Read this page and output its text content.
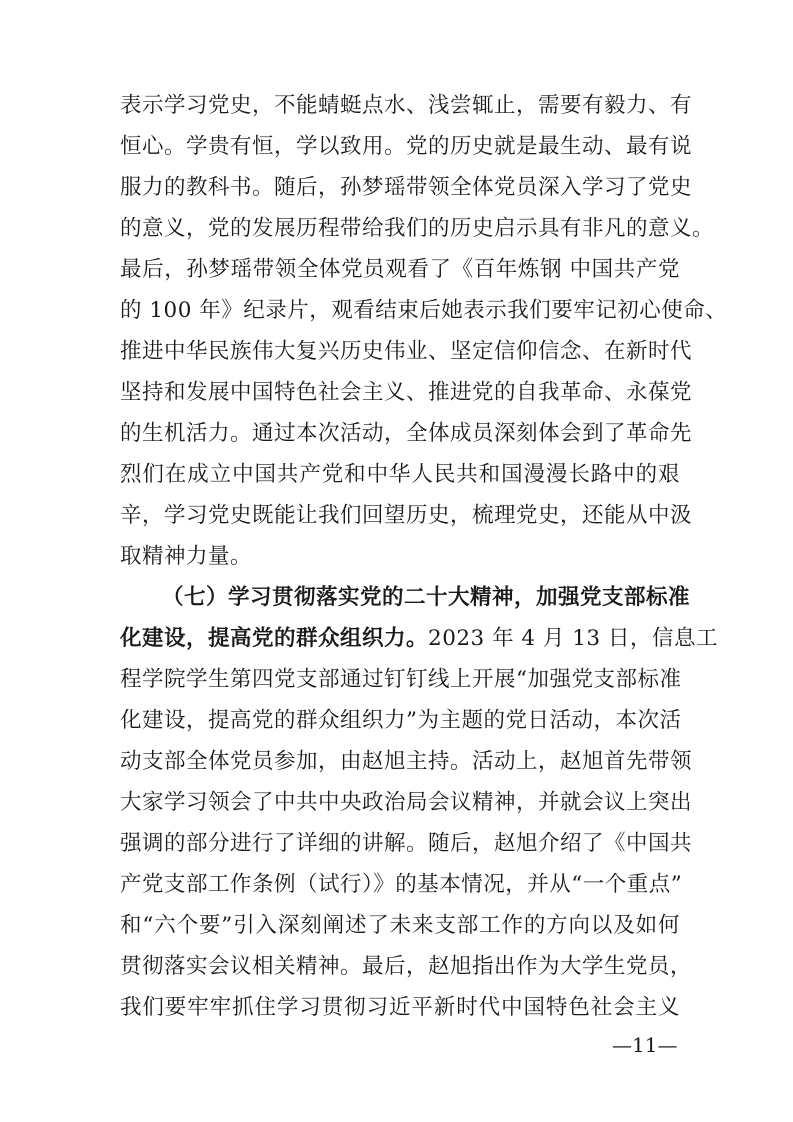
表示学习党史，不能蜻蜓点水、浅尝辄止，需要有毅力、有
恒心。学贵有恒，学以致用。党的历史就是最生动、最有说
服力的教科书。随后，孙梦瑶带领全体党员深入学习了党史
的意义，党的发展历程带给我们的历史启示具有非凡的意义。
最后，孙梦瑶带领全体党员观看了《百年炼钢 中国共产党
的 100 年》纪录片，观看结束后她表示我们要牢记初心使命、
推进中华民族伟大复兴历史伟业、坚定信仰信念、在新时代
坚持和发展中国特色社会主义、推进党的自我革命、永葆党
的生机活力。通过本次活动，全体成员深刻体会到了革命先
烈们在成立中国共产党和中华人民共和国漫漫长路中的艰
辛，学习党史既能让我们回望历史，梳理党史，还能从中汲
取精神力量。
（七）学习贯彻落实党的二十大精神，加强党支部标准
化建设，提高党的群众组织力。2023 年 4 月 13 日，信息工
程学院学生第四党支部通过钉钉线上开展“加强党支部标准
化建设，提高党的群众组织力”为主题的党日活动，本次活
动支部全体党员参加，由赵旭主持。活动上，赵旭首先带领
大家学习领会了中共中央政治局会议精神，并就会议上突出
强调的部分进行了详细的讲解。随后，赵旭介绍了《中国共
产党支部工作条例（试行）》的基本情况，并从“一个重点”
和“六个要”引入深刻阐述了未来支部工作的方向以及如何
贯彻落实会议相关精神。最后，赵旭指出作为大学生党员，
我们要牢牢抓住学习贯彻习近平新时代中国特色社会主义
—11—
